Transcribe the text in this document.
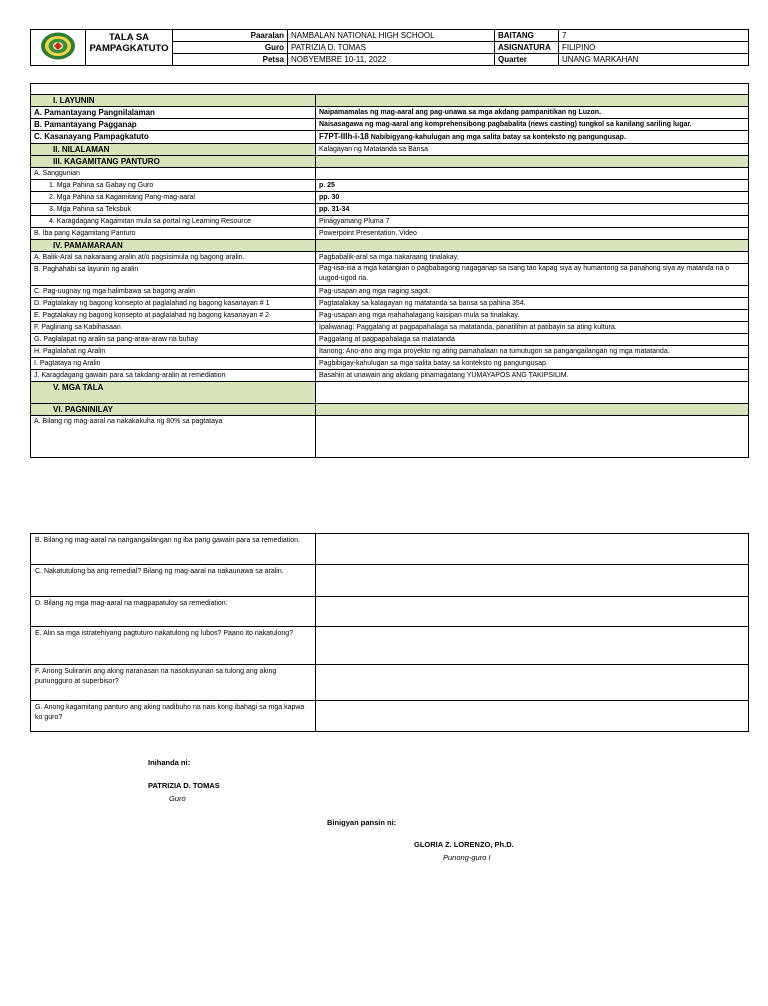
TALA SA
PAMPAGKATUTO	Paaralan	NAMBALAN NATIONAL HIGH SCHOOL	BAITANG	7
		Guro	PATRIZIA D. TOMAS	ASIGNATURA	FILIPINO
		Petsa	NOBYEMBRE 10-11, 2022	Quarter	UNANG MARKAHAN

I. LAYUNIN	
A. Pamantayang Pangnilalaman	Naipamamalas ng mag-aaral ang pag-unawa sa mga akdang pampanitikan ng Luzon.
B. Pamantayang Pagganap	Naisasagawa ng mag-aaral ang komprehensibong pagbabalita (news casting) tungkol sa kanilang sariling lugar.
C. Kasanayang Pampagkatuto	F7PT-IIIh-i-18 Nabibigyang-kahulugan ang mga salita batay sa konteksto ng pangungusap.
II. NILALAMAN	Kalagayan ng Matatanda sa Bansa
III. KAGAMITANG PANTURO	
A. Sanggunian	
1. Mga Pahina sa Gabay ng Guro	p. 25
2. Mga Pahina sa Kagamitang Pang-mag-aaral	pp. 30
3. Mga Pahina sa Teksbuk	pp. 31-34
4. Karagdagang Kagamitan mula sa portal ng Learning Resource	Pinagyamang Pluma 7
B. Iba pang Kagamitang Panturo	Powerpoint Presentation, Video
IV. PAMAMARAAN	
A. Balik-Aral sa nakaraang aralin at/o pagsisimula ng bagong aralin.	Pagbabalik-aral sa mga nakaraang tinalakay.
B. Paghahabi sa layunin ng aralin	Pag-iisa-isa a mga katangian o pagbabagong nagaganap sa isang tao kapag siya ay humantong sa panahong siya ay matanda na o uugod-ugod na.
C. Pag-uugnay ng mga halimbawa sa bagong aralin	Pag-usapan ang mga naging sagot.
D. Pagtalakay ng bagong konsepto at paglalahad ng bagong kasanayan # 1	Pagtatalakay sa kalagayan ng matatanda sa bansa sa pahina 354.
E. Pagtalakay ng bagong konsepto at paglalahad ng bagong kasanayan # 2	Pag-usapan ang mga mahahalagang kaisipan mula sa tinalakay.
F. Paglinang sa Kabihasaan	Ipaliwanag: Paggalang at pagpapahalaga sa matatanda, panatilihin at patibayin sa ating kultura.
G. Paglalapat ng aralin sa pang-araw-araw na buhay	Paggalang at pagpapahalaga sa matatanda
H. Paglalahat ng Aralin	Itanong: Ano-ano ang mga proyekto ng ating pamahalaan na tumutugon sa pangangailangan ng mga matatanda.
I. Pagtataya ng Aralin	Pagbibigay-kahulugan sa mga salita batay sa konteksto ng pangungusap.
J. Karagdagang gawain para sa takdang-aralin at remediation	Basahin at unawain ang akdang pinamagatang YUMAYAPOS ANG TAKIPSILIM.
V. MGA TALA	
VI. PAGNINILAY	
A. Bilang ng mag-aaral na nakakakuha ng 80% sa pagtataya	
B. Bilang ng mag-aaral na nangangailangan ng iba pang gawain para sa remediation.	
C. Nakatutulong ba ang remedial? Bilang ng mag-aaral na nakaunawa sa aralin.	
D. Bilang ng mga mag-aaral na magpapatuloy sa remediation.	
E. Alin sa mga istratehiyang pagtuturo nakatulong ng lubos? Paano ito nakatulong?	
F. Anong Suliranin ang aking naranasan na nasolusyunan sa tulong ang aking punungguro at superbisor?	
G. Anong kagamitang panturo ang aking nadibuho na nais kong ibahagi sa mga kapwa ko guro?	
Inihanda ni:
PATRIZIA D. TOMAS
Guro
Binigyan pansin ni:
GLORIA Z. LORENZO, Ph.D.
Punong-guro I
